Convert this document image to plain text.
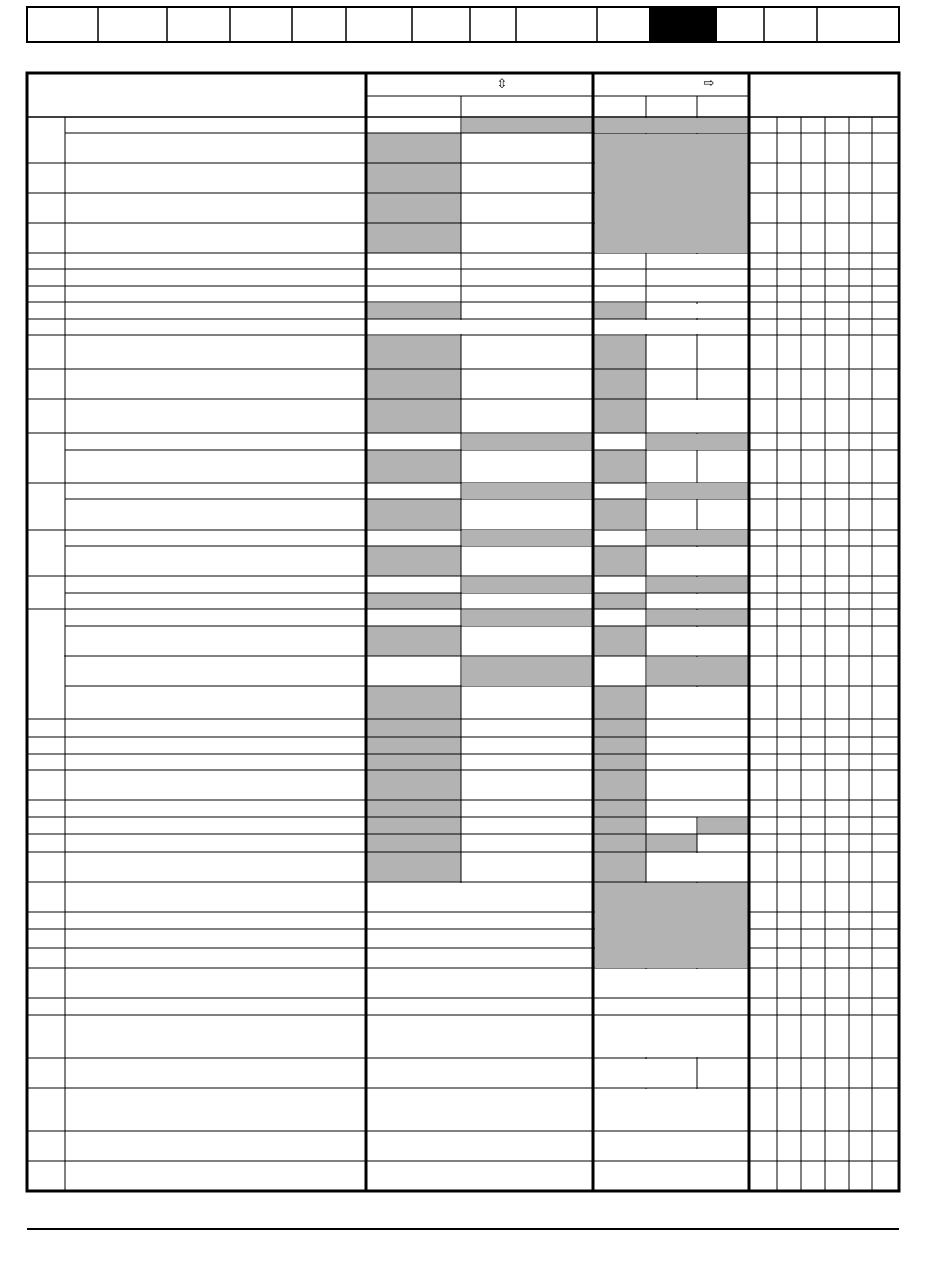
⇳	⇨
